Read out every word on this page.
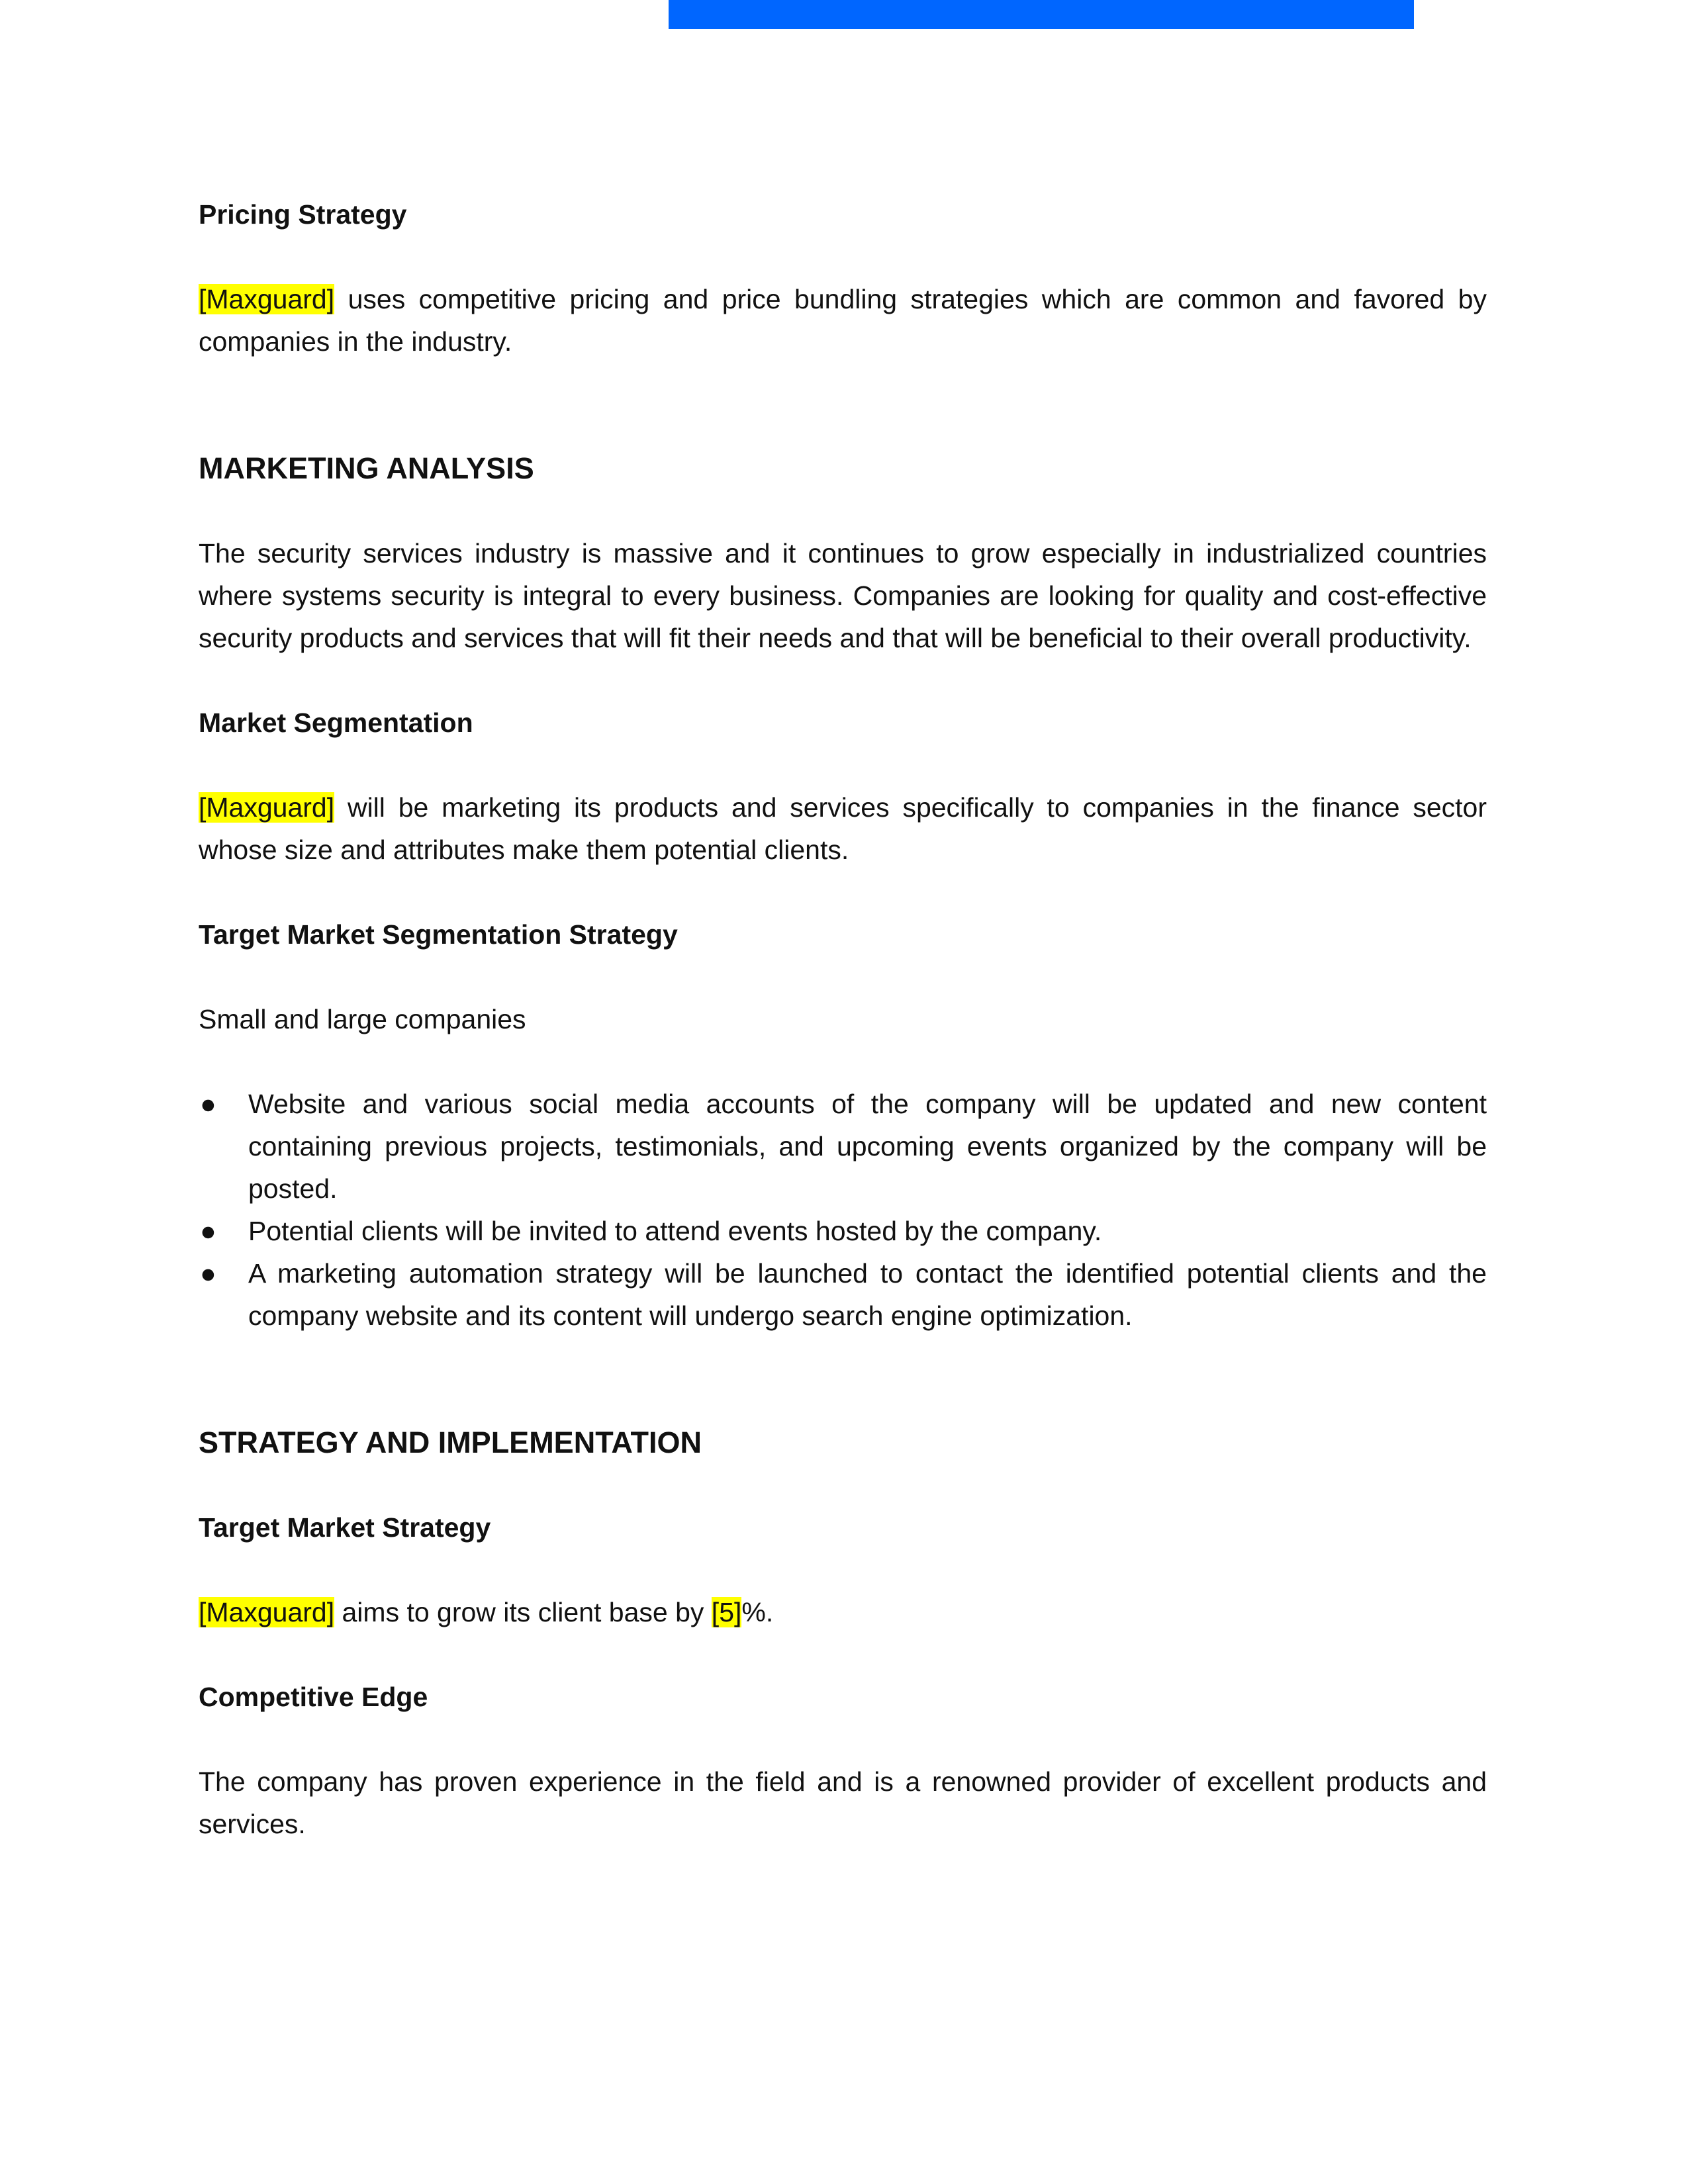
Pricing Strategy

[Maxguard] uses competitive pricing and price bundling strategies which are common and favored by companies in the industry.

MARKETING ANALYSIS

The security services industry is massive and it continues to grow especially in industrialized countries where systems security is integral to every business. Companies are looking for quality and cost-effective security products and services that will fit their needs and that will be beneficial to their overall productivity.

Market Segmentation

[Maxguard] will be marketing its products and services specifically to companies in the finance sector whose size and attributes make them potential clients.

Target Market Segmentation Strategy

Small and large companies

●	Website and various social media accounts of the company will be updated and new content containing previous projects, testimonials, and upcoming events organized by the company will be posted.
●	Potential clients will be invited to attend events hosted by the company.
●	A marketing automation strategy will be launched to contact the identified potential clients and the company website and its content will undergo search engine optimization.
STRATEGY AND IMPLEMENTATION
Target Market Strategy

[Maxguard] aims to grow its client base by [5]%.

Competitive Edge

The company has proven experience in the field and is a renowned provider of excellent products and services.
